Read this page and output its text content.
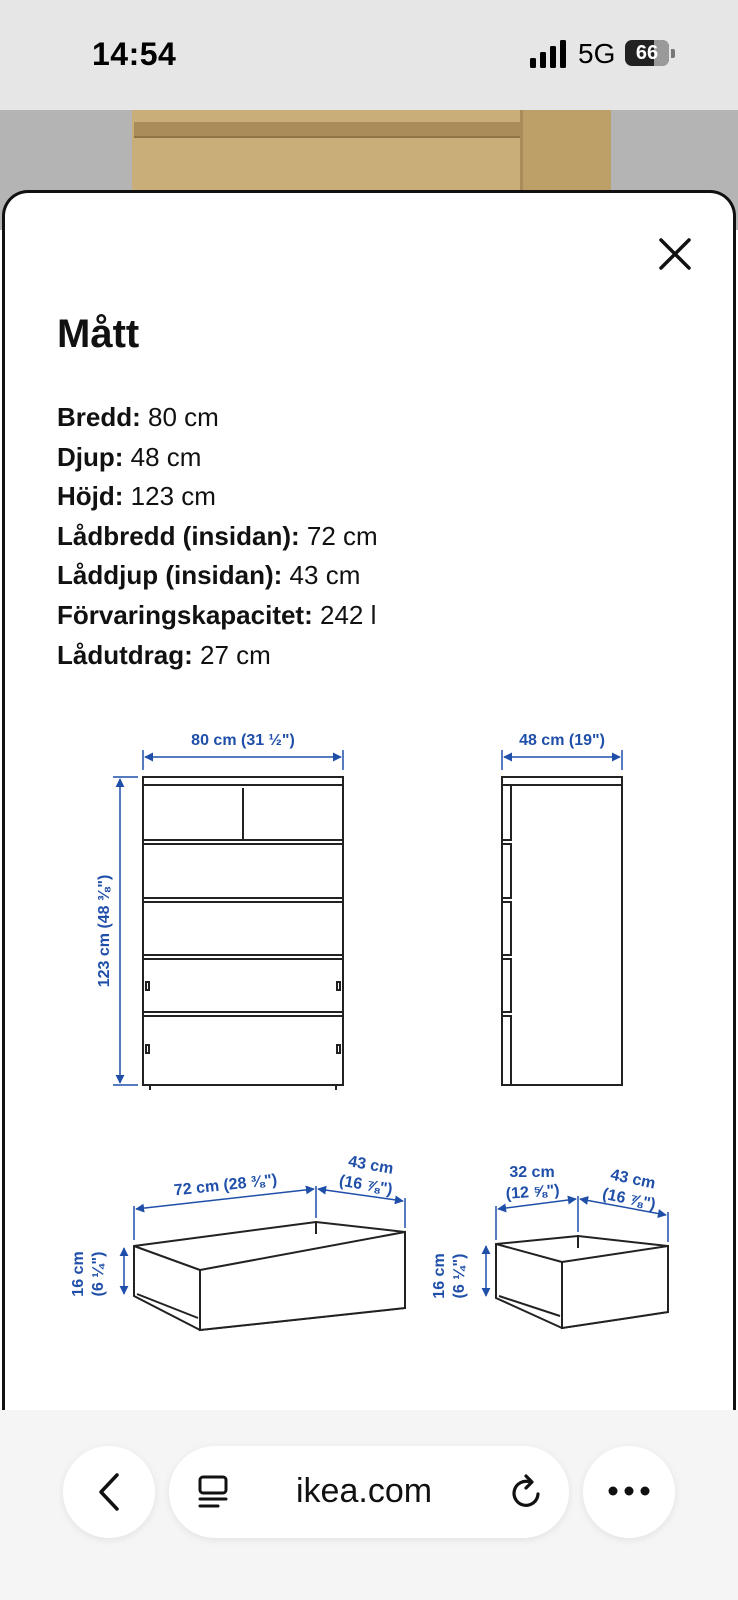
14:54	5G	66
Mått
Bredd: 80 cm
Djup: 48 cm
Höjd: 123 cm
Lådbredd (insidan): 72 cm
Låddjup (insidan): 43 cm
Förvaringskapacitet: 242 l
Lådutdrag: 27 cm
80 cm (31 ½")
123 cm (48 ⅜")
48 cm (19")
72 cm (28 ⅜")
43 cm
(16 ⅞")
16 cm (6 ¼")
32 cm
(12 ⅝")	43 cm
(16 ⅞")
16 cm (6 ¼")
ikea.com
